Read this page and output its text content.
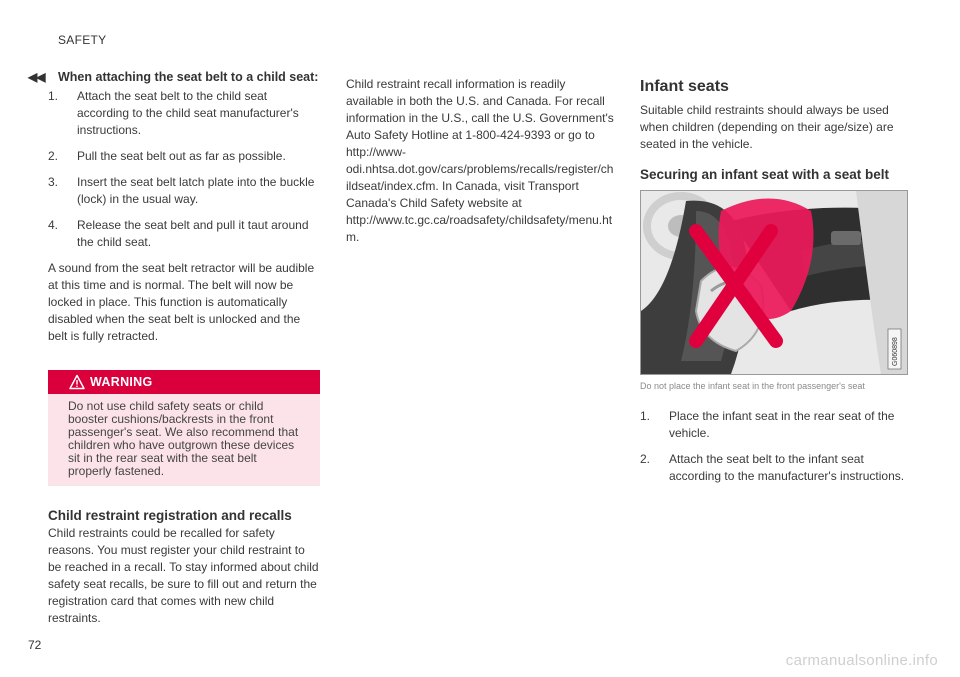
SAFETY
◀◀ When attaching the seat belt to a child seat:
1. Attach the seat belt to the child seat according to the child seat manufacturer's instructions.
2. Pull the seat belt out as far as possible.
3. Insert the seat belt latch plate into the buckle (lock) in the usual way.
4. Release the seat belt and pull it taut around the child seat.

A sound from the seat belt retractor will be audible at this time and is normal. The belt will now be locked in place. This function is automatically disabled when the seat belt is unlocked and the belt is fully retracted.

WARNING
Do not use child safety seats or child booster cushions/backrests in the front passenger's seat. We also recommend that children who have outgrown these devices sit in the rear seat with the seat belt properly fastened.
Child restraint registration and recalls

Child restraints could be recalled for safety reasons. You must register your child restraint to be reached in a recall. To stay informed about child safety seat recalls, be sure to fill out and return the registration card that comes with new child restraints.

Child restraint recall information is readily available in both the U.S. and Canada. For recall information in the U.S., call the U.S. Government's Auto Safety Hotline at 1-800-424-9393 or go to http://www-odi.nhtsa.dot.gov/cars/problems/recalls/register/childseat/index.cfm. In Canada, visit Transport Canada's Child Safety website at http://www.tc.gc.ca/roadsafety/childsafety/menu.htm.

Infant seats

Suitable child restraints should always be used when children (depending on their age/size) are seated in the vehicle.

Securing an infant seat with a seat belt
G060898
Do not place the infant seat in the front passenger's seat
1. Place the infant seat in the rear seat of the vehicle.
2. Attach the seat belt to the infant seat according to the manufacturer's instructions.
72
carmanualsonline.info
